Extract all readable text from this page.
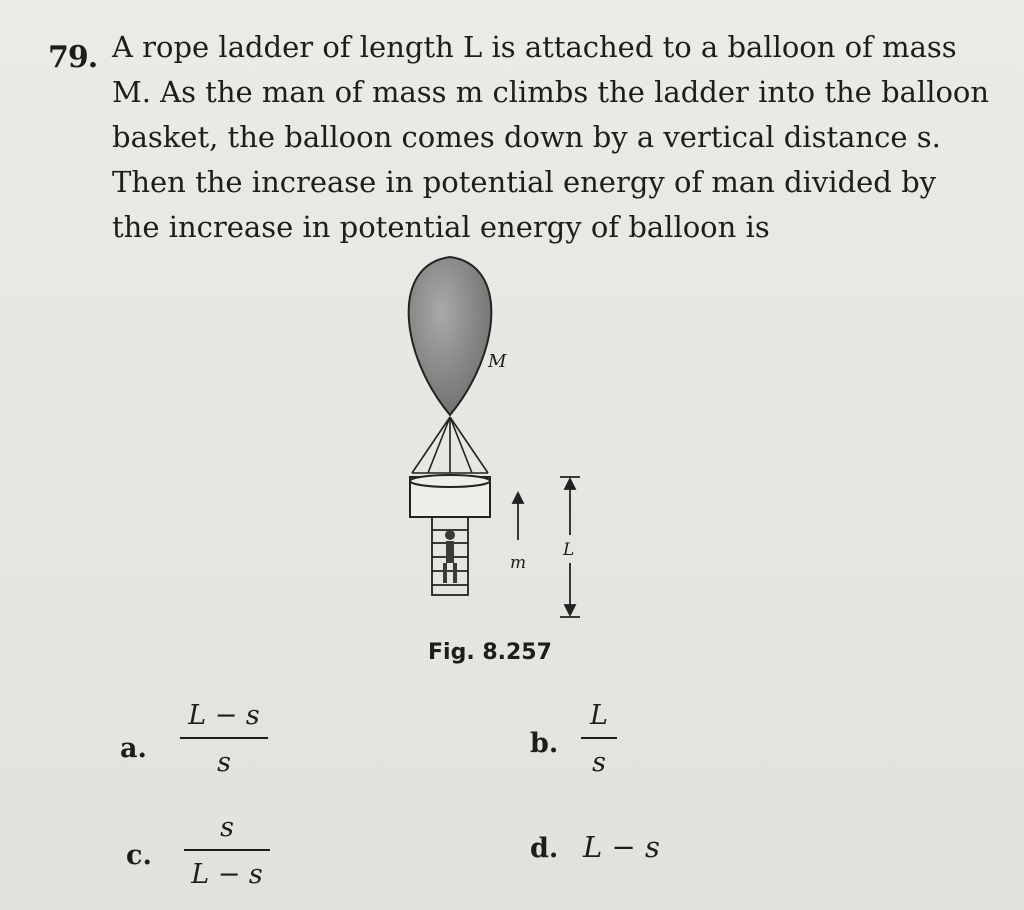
79. A rope ladder of length L is attached to a balloon of mass
M. As the man of mass m climbs the ladder into the balloon
basket, the balloon comes down by a vertical distance s.
Then the increase in potential energy of man divided by
the increase in potential energy of balloon is
M
m
L
Fig. 8.257
a.
L − s
s
b.
L
s
c.
s
L − s
d. L − s
